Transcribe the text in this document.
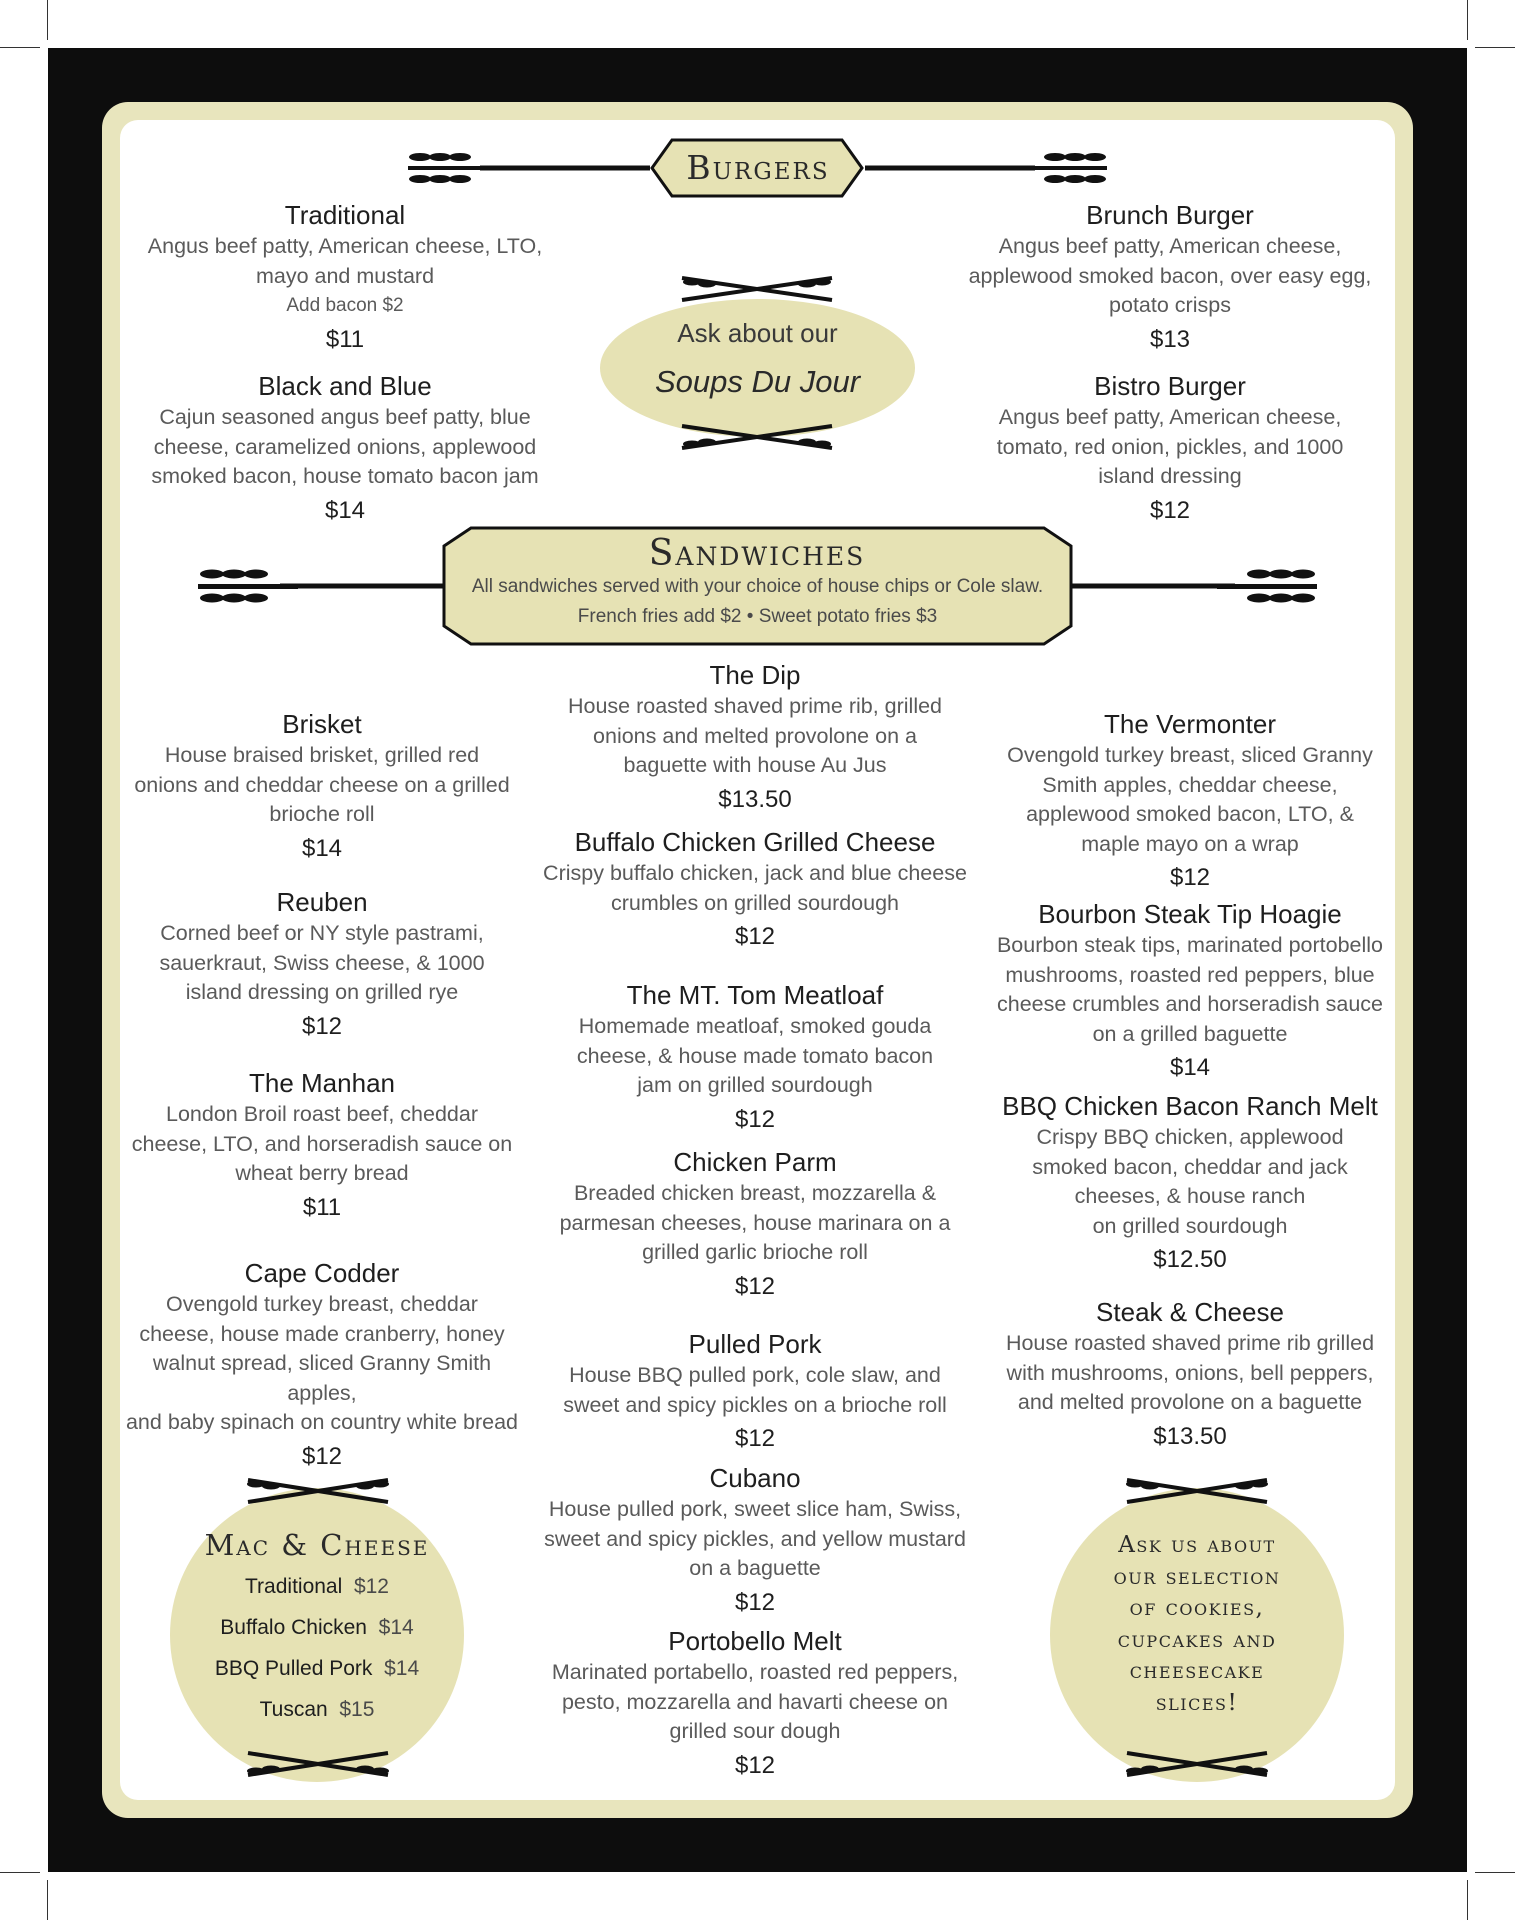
Burgers
Traditional
Angus beef patty, American cheese, LTO,
mayo and mustard
Add bacon $2
$11
Black and Blue
Cajun seasoned angus beef patty, blue
cheese, caramelized onions, applewood
smoked bacon, house tomato bacon jam
$14
Brunch Burger
Angus beef patty, American cheese,
applewood smoked bacon, over easy egg,
potato crisps
$13
Bistro Burger
Angus beef patty, American cheese,
tomato, red onion, pickles, and 1000
island dressing
$12
Ask about our
Soups Du Jour
Sandwiches
All sandwiches served with your choice of house chips or Cole slaw.
French fries add $2 • Sweet potato fries $3
Brisket
House braised brisket, grilled red
onions and cheddar cheese on a grilled
brioche roll
$14
Reuben
Corned beef or NY style pastrami,
sauerkraut, Swiss cheese, & 1000
island dressing on grilled rye
$12
The Manhan
London Broil roast beef, cheddar
cheese, LTO, and horseradish sauce on
wheat berry bread
$11
Cape Codder
Ovengold turkey breast, cheddar
cheese, house made cranberry, honey
walnut spread, sliced Granny Smith apples,
and baby spinach on country white bread
$12
The Dip
House roasted shaved prime rib, grilled
onions and melted provolone on a
baguette with house Au Jus
$13.50
Buffalo Chicken Grilled Cheese
Crispy buffalo chicken, jack and blue cheese
crumbles on grilled sourdough
$12
The MT. Tom Meatloaf
Homemade meatloaf, smoked gouda
cheese, & house made tomato bacon
jam on grilled sourdough
$12
Chicken Parm
Breaded chicken breast, mozzarella &
parmesan cheeses, house marinara on a
grilled garlic brioche roll
$12
Pulled Pork
House BBQ pulled pork, cole slaw, and
sweet and spicy pickles on a brioche roll
$12
Cubano
House pulled pork, sweet slice ham, Swiss,
sweet and spicy pickles, and yellow mustard
on a baguette
$12
Portobello Melt
Marinated portabello, roasted red peppers,
pesto, mozzarella and havarti cheese on
grilled sour dough
$12
The Vermonter
Ovengold turkey breast, sliced Granny
Smith apples, cheddar cheese,
applewood smoked bacon, LTO, &
maple mayo on a wrap
$12
Bourbon Steak Tip Hoagie
Bourbon steak tips, marinated portobello
mushrooms, roasted red peppers, blue
cheese crumbles and horseradish sauce
on a grilled baguette
$14
BBQ Chicken Bacon Ranch Melt
Crispy BBQ chicken, applewood
smoked bacon, cheddar and jack
cheeses, & house ranch
on grilled sourdough
$12.50
Steak & Cheese
House roasted shaved prime rib grilled
with mushrooms, onions, bell peppers,
and melted provolone on a baguette
$13.50
Mac & Cheese
Traditional $12
Buffalo Chicken $14
BBQ Pulled Pork $14
Tuscan $15
Ask us about
our selection
of cookies,
cupcakes and
cheesecake
slices!
